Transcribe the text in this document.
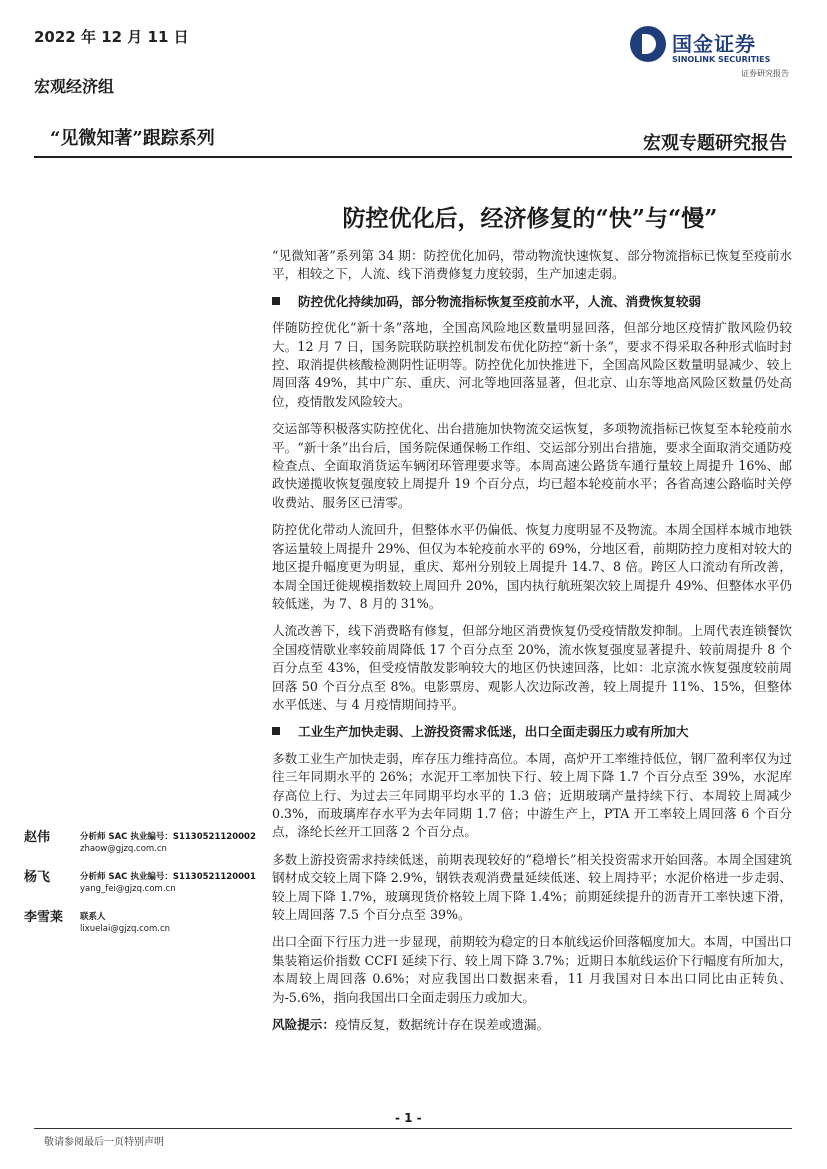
2022 年 12 月 11 日	国金证券
SINOLINK SECURITIES
证券研究报告
宏观经济组
“见微知著”跟踪系列	宏观专题研究报告
防控优化后，经济修复的“快”与“慢”

“见微知著”系列第 34 期：防控优化加码，带动物流快速恢复、部分物流指标已恢复至疫前水平，相较之下，人流、线下消费修复力度较弱，生产加速走弱。

防控优化持续加码，部分物流指标恢复至疫前水平，人流、消费恢复较弱

伴随防控优化“新十条”落地，全国高风险地区数量明显回落，但部分地区疫情扩散风险仍较大。12 月 7 日，国务院联防联控机制发布优化防控“新十条”，要求不得采取各种形式临时封控、取消提供核酸检测阴性证明等。防控优化加快推进下，全国高风险区数量明显减少、较上周回落 49%，其中广东、重庆、河北等地回落显著，但北京、山东等地高风险区数量仍处高位，疫情散发风险较大。

交运部等积极落实防控优化、出台措施加快物流交运恢复，多项物流指标已恢复至本轮疫前水平。“新十条”出台后，国务院保通保畅工作组、交运部分别出台措施，要求全面取消交通防疫检查点、全面取消货运车辆闭环管理要求等。本周高速公路货车通行量较上周提升 16%、邮政快递揽收恢复强度较上周提升 19 个百分点，均已超本轮疫前水平；各省高速公路临时关停收费站、服务区已清零。

防控优化带动人流回升，但整体水平仍偏低、恢复力度明显不及物流。本周全国样本城市地铁客运量较上周提升 29%、但仅为本轮疫前水平的 69%，分地区看，前期防控力度相对较大的地区提升幅度更为明显，重庆、郑州分别较上周提升 14.7、8 倍。跨区人口流动有所改善，本周全国迁徙规模指数较上周回升 20%，国内执行航班架次较上周提升 49%、但整体水平仍较低迷，为 7、8 月的 31%。

人流改善下，线下消费略有修复，但部分地区消费恢复仍受疫情散发抑制。上周代表连锁餐饮全国疫情歇业率较前周降低 17 个百分点至 20%，流水恢复强度显著提升、较前周提升 8 个百分点至 43%，但受疫情散发影响较大的地区仍快速回落，比如：北京流水恢复强度较前周回落 50 个百分点至 8%。电影票房、观影人次边际改善，较上周提升 11%、15%，但整体水平低迷、与 4 月疫情期间持平。

工业生产加快走弱、上游投资需求低迷，出口全面走弱压力或有所加大

多数工业生产加快走弱，库存压力维持高位。本周，高炉开工率维持低位，钢厂盈利率仅为过往三年同期水平的 26%；水泥开工率加快下行、较上周下降 1.7 个百分点至 39%，水泥库存高位上行、为过去三年同期平均水平的 1.3 倍；近期玻璃产量持续下行、本周较上周减少 0.3%，而玻璃库存水平为去年同期 1.7 倍；中游生产上，PTA 开工率较上周回落 6 个百分点，涤纶长丝开工回落 2 个百分点。

多数上游投资需求持续低迷，前期表现较好的“稳增长”相关投资需求开始回落。本周全国建筑钢材成交较上周下降 2.9%，钢铁表观消费量延续低迷、较上周持平；水泥价格进一步走弱、较上周下降 1.7%，玻璃现货价格较上周下降 1.4%；前期延续提升的沥青开工率快速下滑，较上周回落 7.5 个百分点至 39%。

出口全面下行压力进一步显现，前期较为稳定的日本航线运价回落幅度加大。本周，中国出口集装箱运价指数 CCFI 延续下行、较上周下降 3.7%；近期日本航线运价下行幅度有所加大，本周较上周回落 0.6%；对应我国出口数据来看，11 月我国对日本出口同比由正转负、为-5.6%，指向我国出口全面走弱压力或加大。

风险提示：疫情反复，数据统计存在误差或遗漏。

赵伟	分析师 SAC 执业编号：S1130521120002
zhaow@gjzq.com.cn
杨飞	分析师 SAC 执业编号：S1130521120001
yang_fei@gjzq.com.cn
李雪莱 联系人
lixuelai@gjzq.com.cn
- 1 -
敬请参阅最后一页特别声明
